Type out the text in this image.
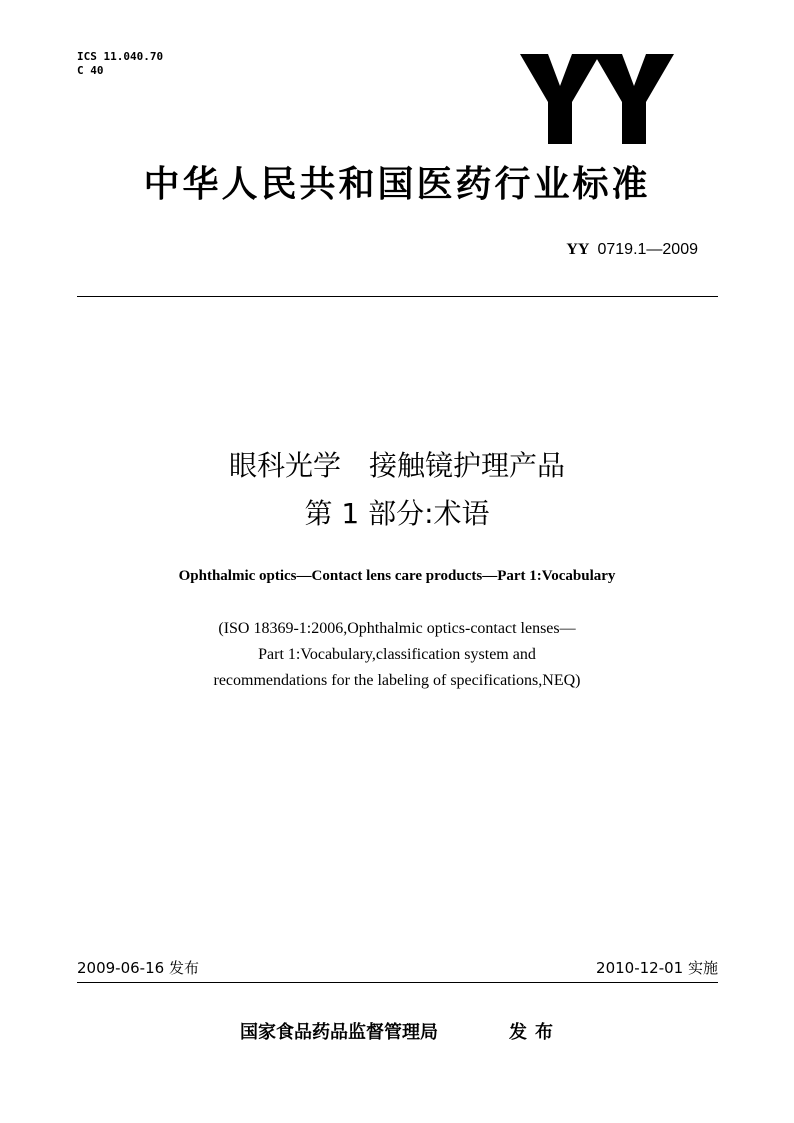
ICS 11.040.70
C 40
中华人民共和国医药行业标准
YY 0719.1—2009
眼科光学　接触镜护理产品
第 1 部分:术语
Ophthalmic optics—Contact lens care products—Part 1:Vocabulary
(ISO 18369-1:2006,Ophthalmic optics-contact lenses—
Part 1:Vocabulary,classification system and
recommendations for the labeling of specifications,NEQ)
2009-06-16 发布	2010-12-01 实施
国家食品药品监督管理局	发布
